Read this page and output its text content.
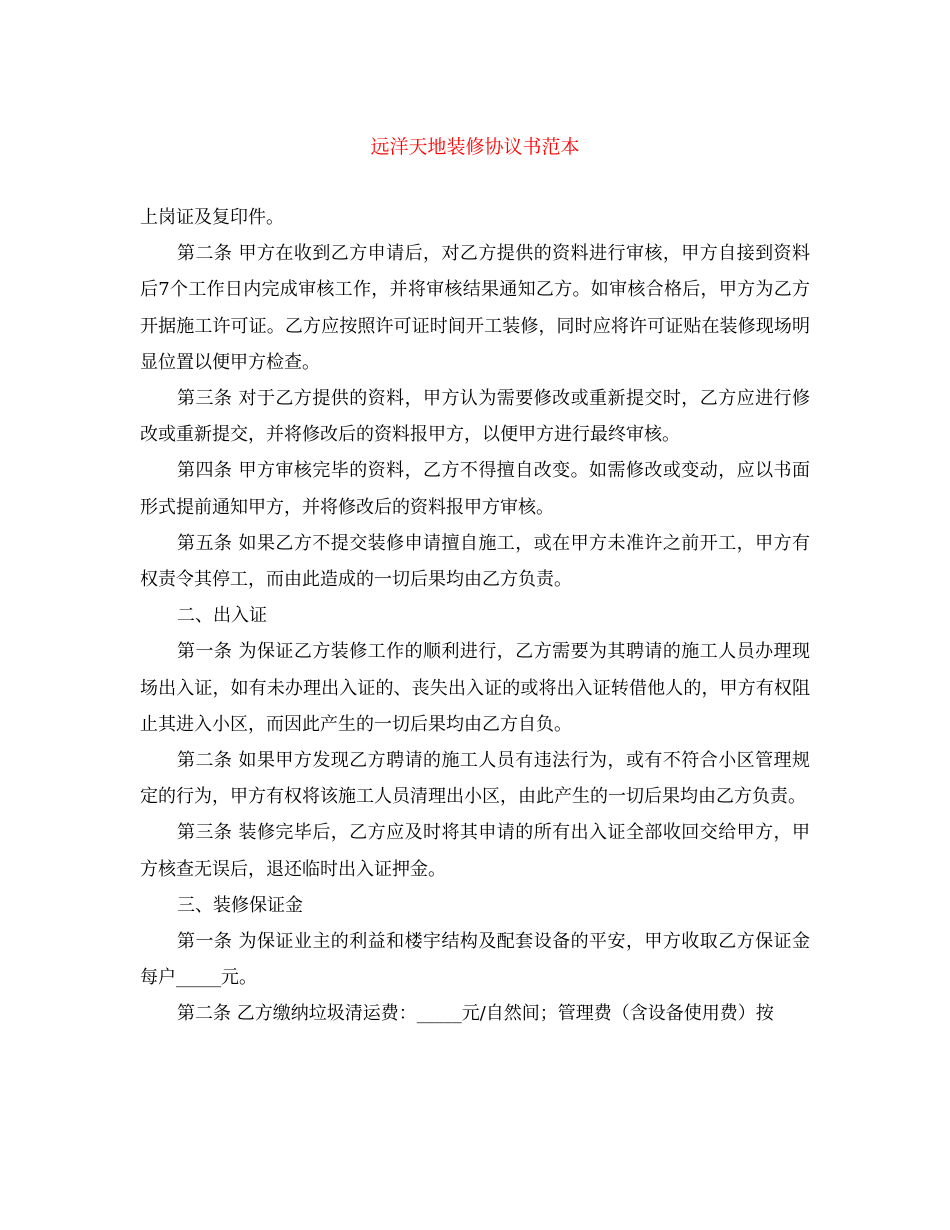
远洋天地装修协议书范本

上岗证及复印件。

第二条 甲方在收到乙方申请后，对乙方提供的资料进行审核，甲方自接到资料后7个工作日内完成审核工作，并将审核结果通知乙方。如审核合格后，甲方为乙方开据施工许可证。乙方应按照许可证时间开工装修，同时应将许可证贴在装修现场明显位置以便甲方检查。

第三条 对于乙方提供的资料，甲方认为需要修改或重新提交时，乙方应进行修改或重新提交，并将修改后的资料报甲方，以便甲方进行最终审核。

第四条 甲方审核完毕的资料，乙方不得擅自改变。如需修改或变动，应以书面形式提前通知甲方，并将修改后的资料报甲方审核。

第五条 如果乙方不提交装修申请擅自施工，或在甲方未准许之前开工，甲方有权责令其停工，而由此造成的一切后果均由乙方负责。

二、出入证

第一条 为保证乙方装修工作的顺利进行，乙方需要为其聘请的施工人员办理现场出入证，如有未办理出入证的、丧失出入证的或将出入证转借他人的，甲方有权阻止其进入小区，而因此产生的一切后果均由乙方自负。

第二条 如果甲方发现乙方聘请的施工人员有违法行为，或有不符合小区管理规定的行为，甲方有权将该施工人员清理出小区，由此产生的一切后果均由乙方负责。

第三条 装修完毕后，乙方应及时将其申请的所有出入证全部收回交给甲方，甲方核查无误后，退还临时出入证押金。

三、装修保证金

第一条 为保证业主的利益和楼宇结构及配套设备的平安，甲方收取乙方保证金每户_____元。

第二条 乙方缴纳垃圾清运费：_____元/自然间；管理费（含设备使用费）按
